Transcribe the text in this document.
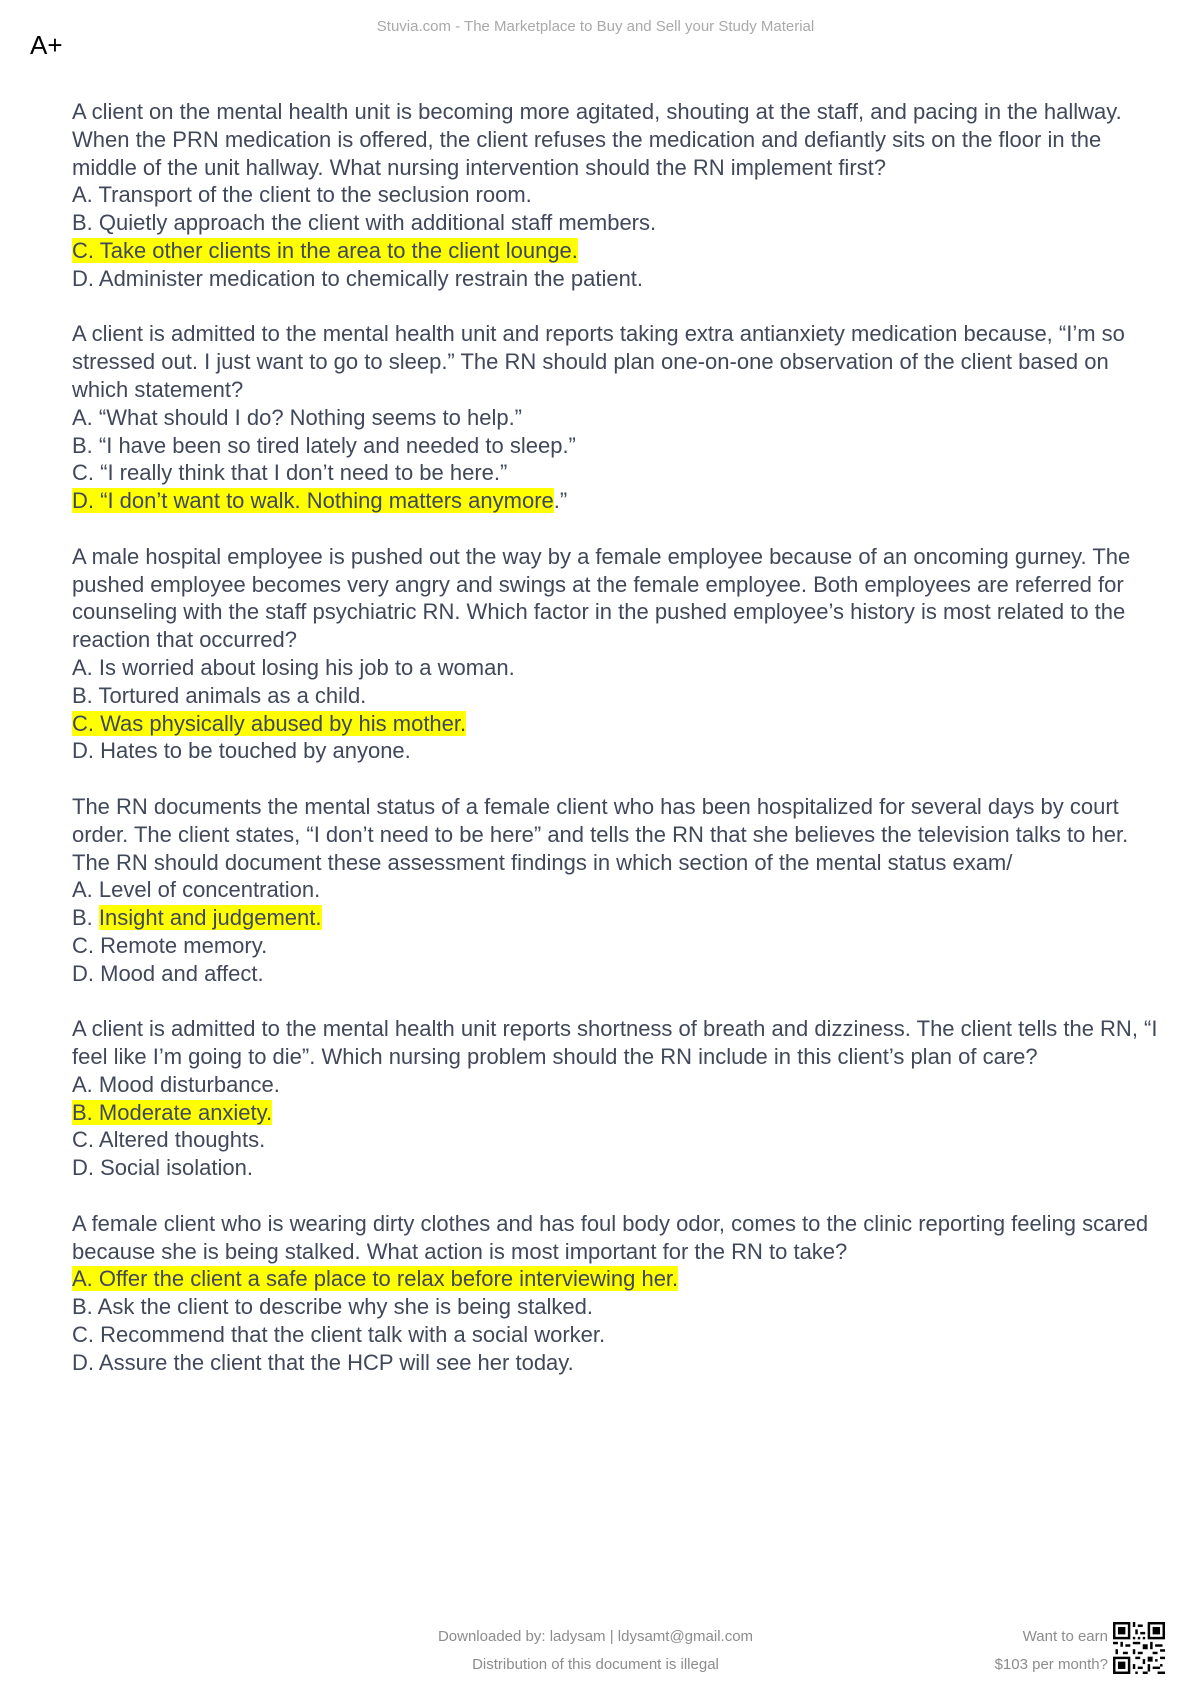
Stuvia.com - The Marketplace to Buy and Sell your Study Material
A+

A client on the mental health unit is becoming more agitated, shouting at the staff, and pacing in the hallway. When the PRN medication is offered, the client refuses the medication and defiantly sits on the floor in the middle of the unit hallway. What nursing intervention should the RN implement first?

A. Transport of the client to the seclusion room.

B. Quietly approach the client with additional staff members.

C. Take other clients in the area to the client lounge.

D. Administer medication to chemically restrain the patient.

A client is admitted to the mental health unit and reports taking extra antianxiety medication because, “I’m so stressed out. I just want to go to sleep.” The RN should plan one-on-one observation of the client based on which statement?

A. “What should I do? Nothing seems to help.”

B. “I have been so tired lately and needed to sleep.”

C. “I really think that I don’t need to be here.”

D. “I don’t want to walk. Nothing matters anymore.”

A male hospital employee is pushed out the way by a female employee because of an oncoming gurney. The pushed employee becomes very angry and swings at the female employee. Both employees are referred for counseling with the staff psychiatric RN. Which factor in the pushed employee’s history is most related to the reaction that occurred?

A. Is worried about losing his job to a woman.

B. Tortured animals as a child.

C. Was physically abused by his mother.

D. Hates to be touched by anyone.

The RN documents the mental status of a female client who has been hospitalized for several days by court order. The client states, “I don’t need to be here” and tells the RN that she believes the television talks to her. The RN should document these assessment findings in which section of the mental status exam/

A. Level of concentration.

B. Insight and judgement.

C. Remote memory.

D. Mood and affect.

A client is admitted to the mental health unit reports shortness of breath and dizziness. The client tells the RN, “I feel like I’m going to die”. Which nursing problem should the RN include in this client’s plan of care?

A. Mood disturbance.

B. Moderate anxiety.

C. Altered thoughts.

D. Social isolation.

A female client who is wearing dirty clothes and has foul body odor, comes to the clinic reporting feeling scared because she is being stalked. What action is most important for the RN to take?

A. Offer the client a safe place to relax before interviewing her.

B. Ask the client to describe why she is being stalked.

C. Recommend that the client talk with a social worker.

D. Assure the client that the HCP will see her today.

Downloaded by: ladysam | ldysamt@gmail.com
Distribution of this document is illegal
Want to earn
$103 per month?
